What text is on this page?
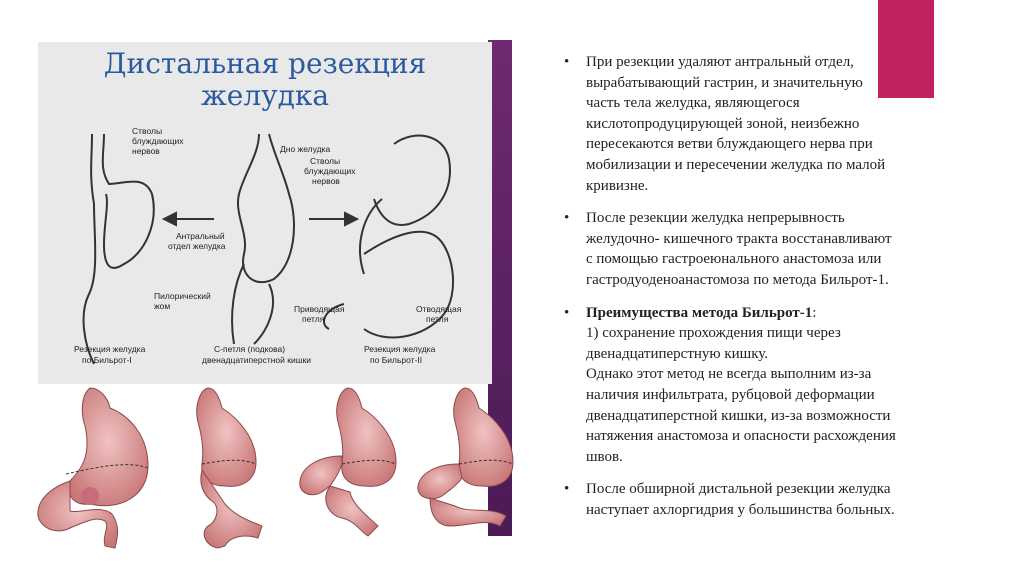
Дистальная резекция
желудка
Стволы
блуждающих
нервов	Дно желудка
Стволы
блуждающих
нервов
Антральный
отдел желудка
Пилорический
жом	Приводящая
петля
Отводящая
петля
Резекция желудка
по Бильрот-I
С-петля (подкова)
двенадцатиперстной кишки
Резекция желудка
по Бильрот-II
• При резекции удаляют антральный отдел,
вырабатывающий гастрин, и значительную
часть тела желудка, являющегося
кислотопродуцирующей зоной, неизбежно
пересекаются ветви блуждающего нерва при
мобилизации и пересечении желудка по малой
кривизне.
• После резекции желудка непрерывность
желудочно- кишечного тракта восстанавливают
с помощью гастроеюнального анастомоза или
гастродуоденоанастомоза по метода Бильрот-1.
• Преимущества метода Бильрот-1:
1) сохранение прохождения пищи через
двенадцатиперстную кишку.
Однако этот метод не всегда выполним из-за
наличия инфильтрата, рубцовой деформации
двенадцатиперстной кишки, из-за возможности
натяжения анастомоза и опасности расхождения
швов.
• После обширной дистальной резекции желудка
наступает ахлоргидрия у большинства больных.
